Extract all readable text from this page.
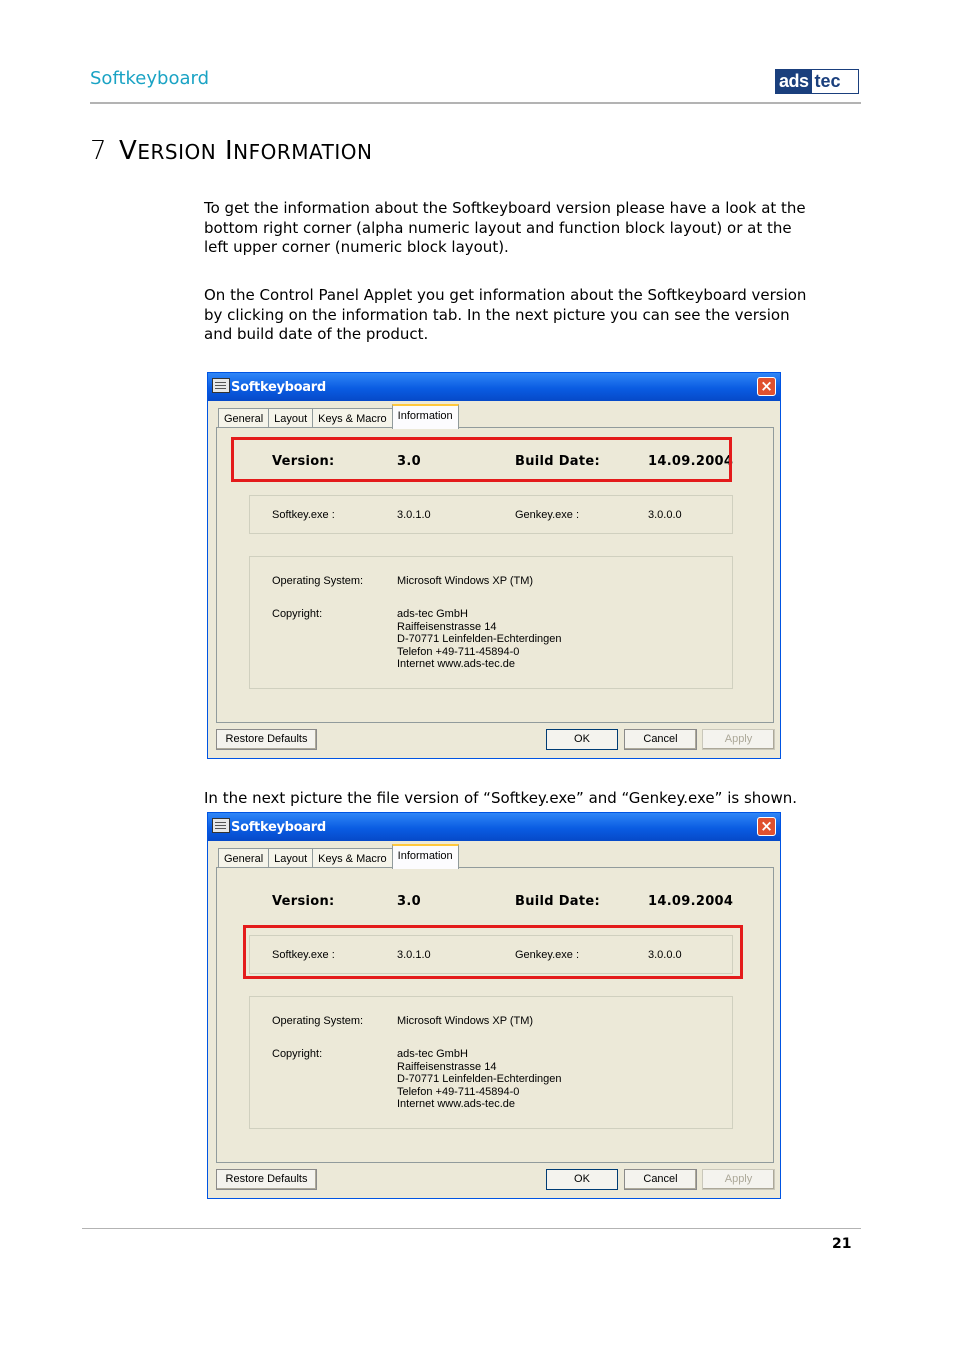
Softkeyboard	ads tec
7 VERSION INFORMATION
To get the information about the Softkeyboard version please have a look at the bottom right corner (alpha numeric layout and function block layout) or at the left upper corner (numeric block layout).
On the Control Panel Applet you get information about the Softkeyboard version by clicking on the information tab. In the next picture you can see the version and build date of the product.
Softkeyboard	×
General	Layout	Keys & Macro	Information
Version:	3.0	Build Date:	14.09.2004
Softkey.exe :	3.0.1.0	Genkey.exe :	3.0.0.0
Operating System:	Microsoft Windows XP (TM)
Copyright:	ads-tec GmbH
Raiffeisenstrasse 14
D-70771 Leinfelden-Echterdingen
Telefon +49-711-45894-0
Internet www.ads-tec.de
Restore Defaults	OK	Cancel	Apply
In the next picture the file version of “Softkey.exe” and “Genkey.exe” is shown.
Softkeyboard	×
General	Layout	Keys & Macro	Information
Version:	3.0	Build Date:	14.09.2004
Softkey.exe :	3.0.1.0	Genkey.exe :	3.0.0.0
Operating System:	Microsoft Windows XP (TM)
Copyright:	ads-tec GmbH
Raiffeisenstrasse 14
D-70771 Leinfelden-Echterdingen
Telefon +49-711-45894-0
Internet www.ads-tec.de
Restore Defaults	OK	Cancel	Apply
21
